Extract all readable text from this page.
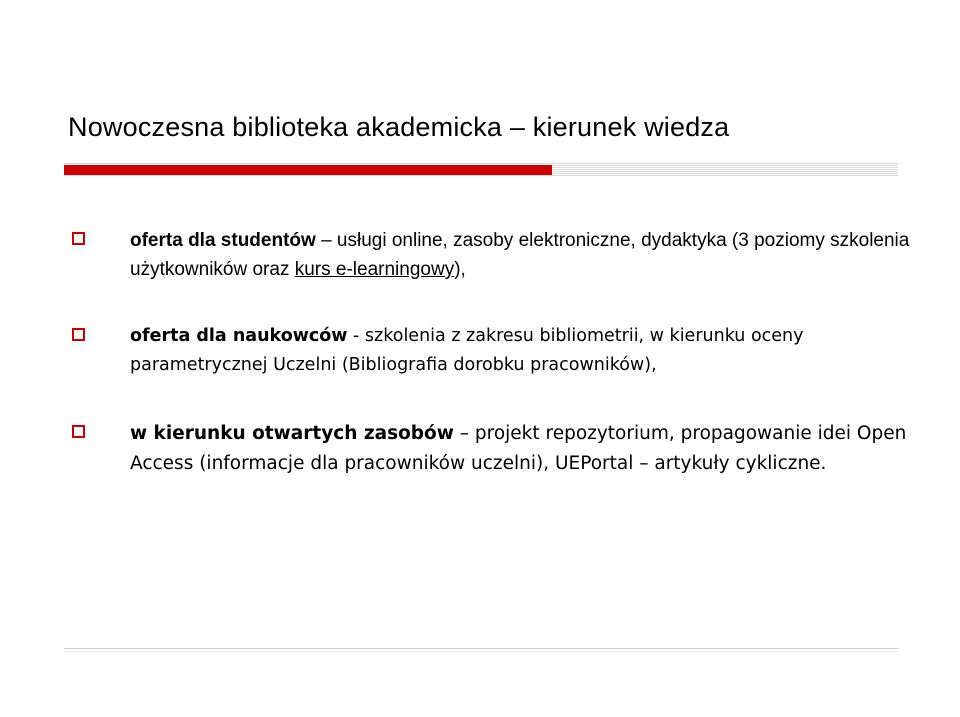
Nowoczesna biblioteka akademicka – kierunek wiedza
oferta dla studentów – usługi online, zasoby elektroniczne, dydaktyka (3 poziomy szkolenia użytkowników oraz kurs e-learningowy),
oferta dla naukowców - szkolenia z zakresu bibliometrii, w kierunku oceny parametrycznej Uczelni (Bibliografia dorobku pracowników),
w kierunku otwartych zasobów – projekt repozytorium, propagowanie idei Open Access (informacje dla pracowników uczelni), UEPortal – artykuły cykliczne.
